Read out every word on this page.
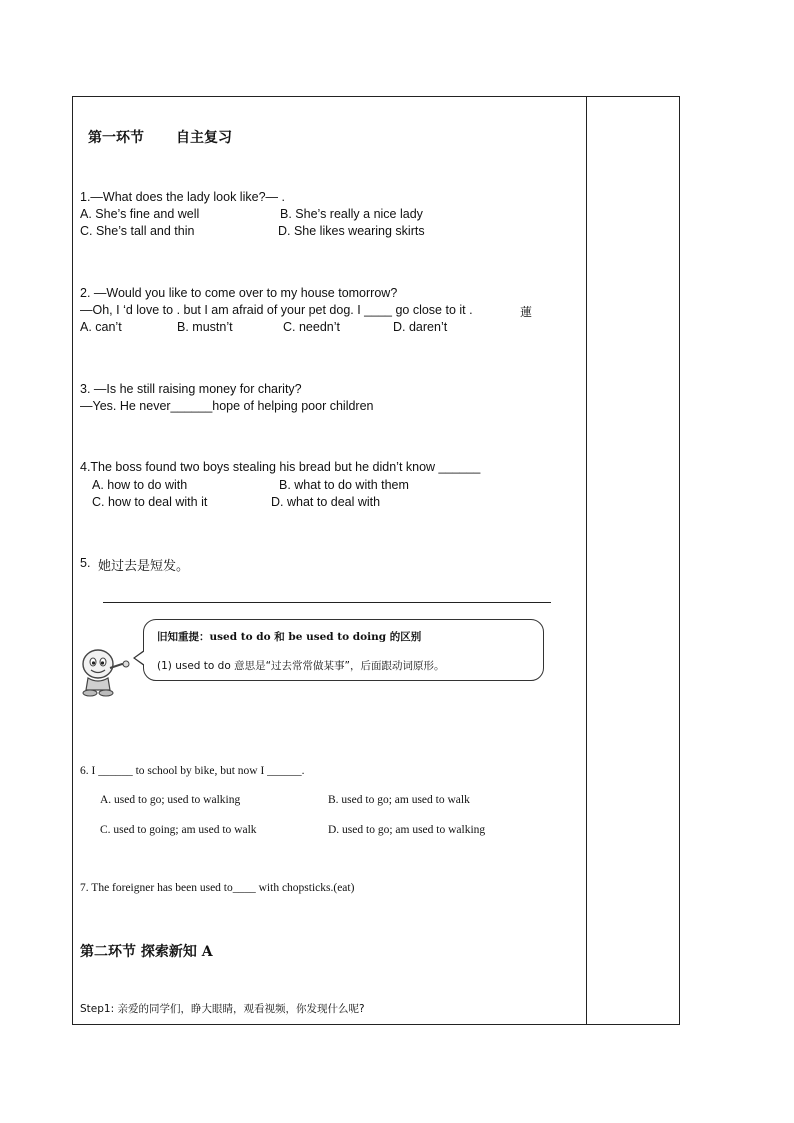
第一环节 自主复习
1.—What does the lady look like?— .
A. She’s fine and well	B. She’s really a nice lady
C. She’s tall and thin	D. She likes wearing skirts
2. —Would you like to come over to my house tomorrow?
—Oh, I ‘d love to . but I am afraid of your pet dog. I ____ go close to it .	蓮
A. can’t	B. mustn’t	C. needn’t	D. daren’t
3. —Is he still raising money for charity?
—Yes. He never______hope of helping poor children
4.The boss found two boys stealing his bread but he didn’t know ______
A. how to do with	B. what to do with them
C. how to deal with it	D. what to deal with
5. 她过去是短发。
旧知重提：used to do 和 be used to doing 的区别
(1) used to do 意思是“过去常常做某事”，后面跟动词原形。
6. I ______ to school by bike, but now I ______.
A. used to go; used to walking	B. used to go; am used to walk
C. used to going; am used to walk	D. used to go; am used to walking
7. The foreigner has been used to____ with chopsticks.(eat)
第二环节 探索新知 A
Step1: 亲爱的同学们，睁大眼睛，观看视频，你发现什么呢?
